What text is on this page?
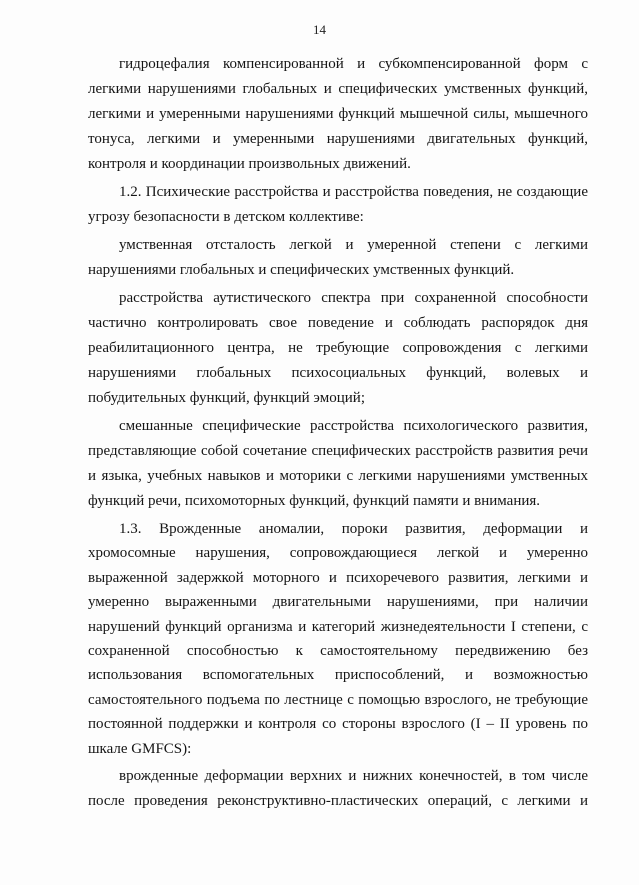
14

гидроцефалия компенсированной и субкомпенсированной форм с легкими нарушениями глобальных и специфических умственных функций, легкими и умеренными нарушениями функций мышечной силы, мышечного тонуса, легкими и умеренными нарушениями двигательных функций, контроля и координации произвольных движений.

1.2. Психические расстройства и расстройства поведения, не создающие угрозу безопасности в детском коллективе:

умственная отсталость легкой и умеренной степени с легкими нарушениями глобальных и специфических умственных функций.

расстройства аутистического спектра при сохраненной способности частично контролировать свое поведение и соблюдать распорядок дня реабилитационного центра, не требующие сопровождения с легкими нарушениями глобальных психосоциальных функций, волевых и побудительных функций, функций эмоций;

смешанные специфические расстройства психологического развития, представляющие собой сочетание специфических расстройств развития речи и языка, учебных навыков и моторики с легкими нарушениями умственных функций речи, психомоторных функций, функций памяти и внимания.

1.3. Врожденные аномалии, пороки развития, деформации и хромосомные нарушения, сопровождающиеся легкой и умеренно выраженной задержкой моторного и психоречевого развития, легкими и умеренно выраженными двигательными нарушениями, при наличии нарушений функций организма и категорий жизнедеятельности I степени, с сохраненной способностью к самостоятельному передвижению без использования вспомогательных приспособлений, и возможностью самостоятельного подъема по лестнице с помощью взрослого, не требующие постоянной поддержки и контроля со стороны взрослого (I – II уровень по шкале GMFCS):

врожденные деформации верхних и нижних конечностей, в том числе после проведения реконструктивно-пластических операций, с легкими и
